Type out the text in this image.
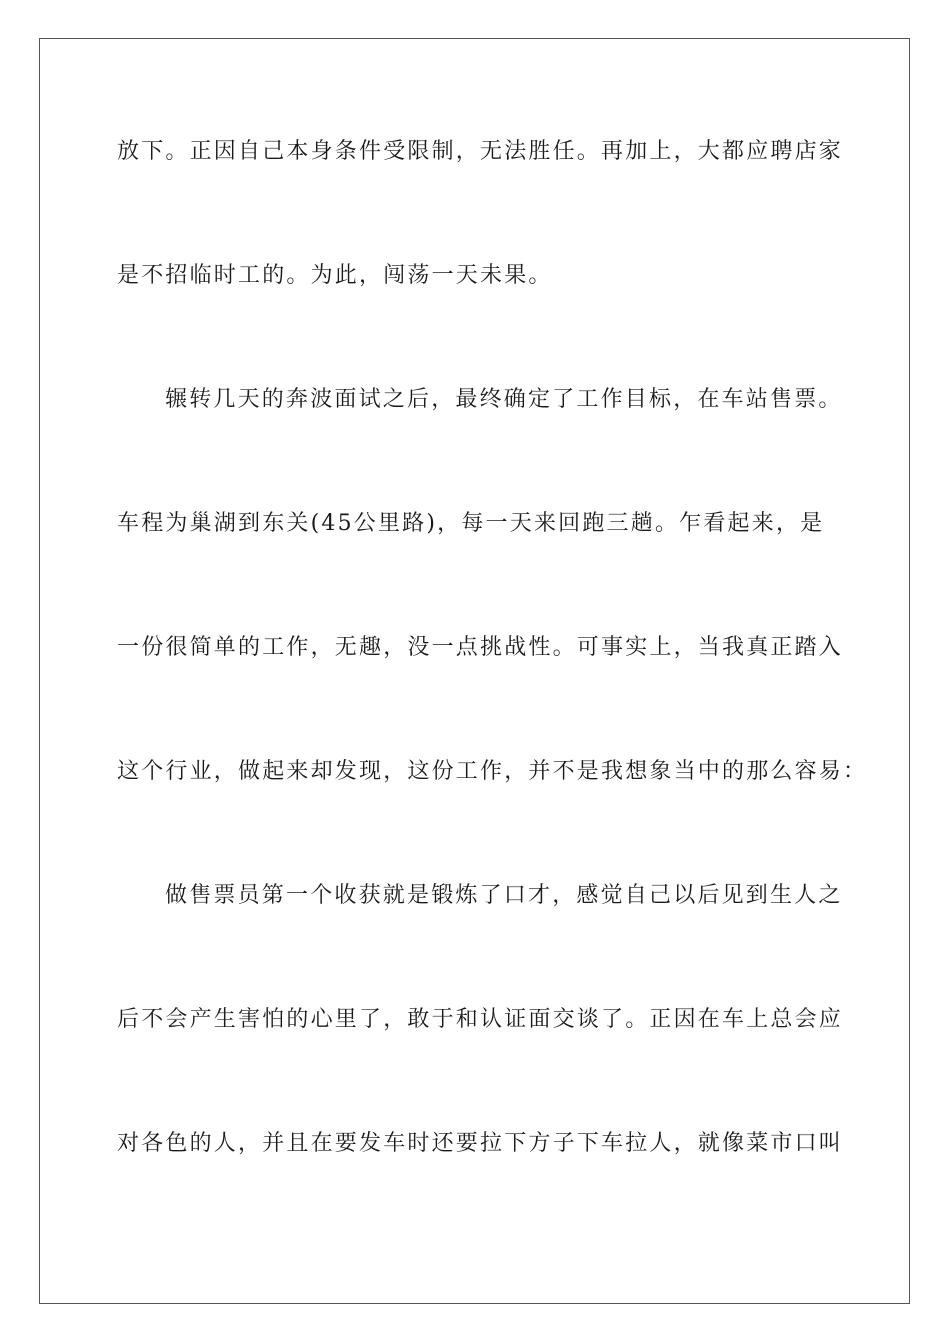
放下。正因自己本身条件受限制，无法胜任。再加上，大都应聘店家
是不招临时工的。为此，闯荡一天未果。
辗转几天的奔波面试之后，最终确定了工作目标，在车站售票。
车程为巢湖到东关(45公里路)，每一天来回跑三趟。乍看起来，是
一份很简单的工作，无趣，没一点挑战性。可事实上，当我真正踏入
这个行业，做起来却发现，这份工作，并不是我想象当中的那么容易：
做售票员第一个收获就是锻炼了口才，感觉自己以后见到生人之
后不会产生害怕的心里了，敢于和认证面交谈了。正因在车上总会应
对各色的人，并且在要发车时还要拉下方子下车拉人，就像菜市口叫
